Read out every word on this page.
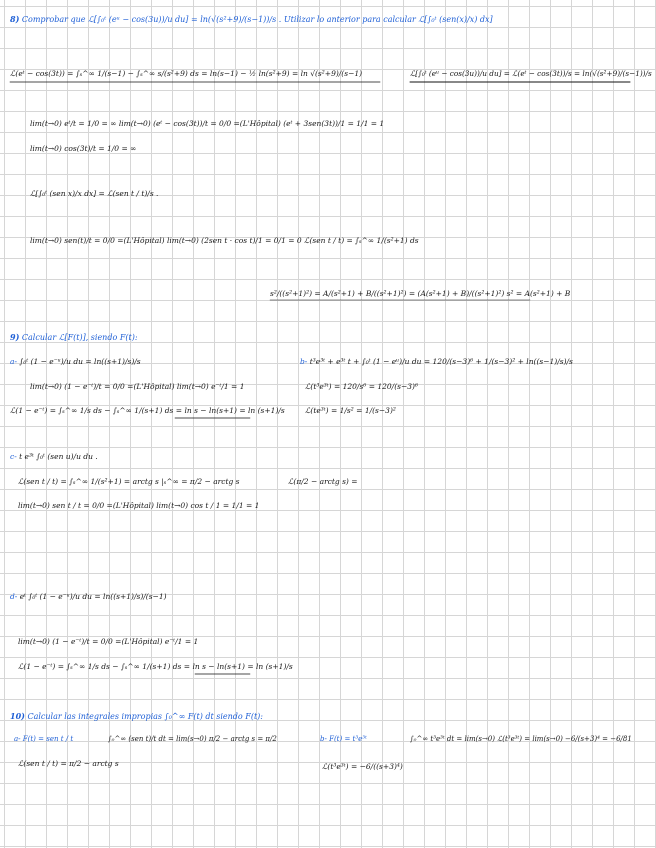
8) Comprobar que ℒ[∫₀ᵗ (eᵘ − cos(3u))/u du] = ln(√(s²+9)/(s−1))/s . Utilizar lo anterior para calcular ℒ[∫₀ᵗ (sen(x)/x) dx]
ℒ(eᵗ − cos(3t)) = ∫ₛ^∞ 1/(s−1) − ∫ₛ^∞ s/(s²+9) ds = ln(s−1) − ½ ln(s²+9) = ln √(s²+9)/(s−1)	ℒ[∫₀ᵗ (eᵘ − cos(3u))/u du] = ℒ(eᵗ − cos(3t))/s = ln(√(s²+9)/(s−1))/s
lim(t→0) eᵗ/t = 1/0 = ∞ lim(t→0) (eᵗ − cos(3t))/t = 0/0 =(L'Hôpital) (eᵗ + 3sen(3t))/1 = 1/1 = 1
lim(t→0) cos(3t)/t = 1/0 = ∞
ℒ[∫₀ᵗ (sen x)/x dx] = ℒ(sen t / t)/s .
lim(t→0) sen(t)/t = 0/0 =(L'Hôpital) lim(t→0) (2sen t · cos t)/1 = 0/1 = 0 ℒ(sen t / t) = ∫ₛ^∞ 1/(s²+1) ds
s²/((s²+1)²) = A/(s²+1) + B/((s²+1)²) = (A(s²+1) + B)/((s²+1)²) s² = A(s²+1) + B
9) Calcular ℒ[F(t)], siendo F(t):
a- ∫₀ᵗ (1 − e⁻ᵘ)/u du = ln((s+1)/s)/s
lim(t→0) (1 − e⁻ᵗ)/t = 0/0 =(L'Hôpital) lim(t→0) e⁻ᵗ/1 = 1
ℒ(1 − e⁻ᵗ) = ∫ₛ^∞ 1/s ds − ∫ₛ^∞ 1/(s+1) ds = ln s − ln(s+1) = ln (s+1)/s
b- t³e³ᵗ + e³ᵗ t + ∫₀ᵗ (1 − eᵘ)/u du = 120/(s−3)⁶ + 1/(s−3)² + ln((s−1)/s)/s
ℒ(t³e³ᵗ) = 120/s⁶ = 120/(s−3)⁶
ℒ(te³ᵗ) = 1/s² = 1/(s−3)²
c- t e³ᵗ ∫₀ᵗ (sen u)/u du .
ℒ(sen t / t) = ∫ₛ^∞ 1/(s²+1) = arctg s |ₛ^∞ = π/2 − arctg s
lim(t→0) sen t / t = 0/0 =(L'Hôpital) lim(t→0) cos t / 1 = 1/1 = 1
ℒ(π/2 − arctg s) =
d- eᵗ ∫₀ᵗ (1 − e⁻ᵘ)/u du = ln((s+1)/s)/(s−1)
lim(t→0) (1 − e⁻ᵗ)/t = 0/0 =(L'Hôpital) e⁻ᵗ/1 = 1
ℒ(1 − e⁻ᵗ) = ∫ₛ^∞ 1/s ds − ∫ₛ^∞ 1/(s+1) ds = ln s − ln(s+1) = ln (s+1)/s
10) Calcular las integrales impropias ∫₀^∞ F(t) dt siendo F(t):
a- F(t) = sen t / t	∫₀^∞ (sen t)/t dt = lim(s→0) π/2 − arctg s = π/2
ℒ(sen t / t) = π/2 − arctg s
b- F(t) = t³e³ᵗ	∫₀^∞ t³e³ᵗ dt = lim(s→0) ℒ(t³e³ᵗ) = lim(s→0) −6/(s+3)⁴ = −6/81
ℒ(t³e³ᵗ) = −6/((s+3)⁴)
